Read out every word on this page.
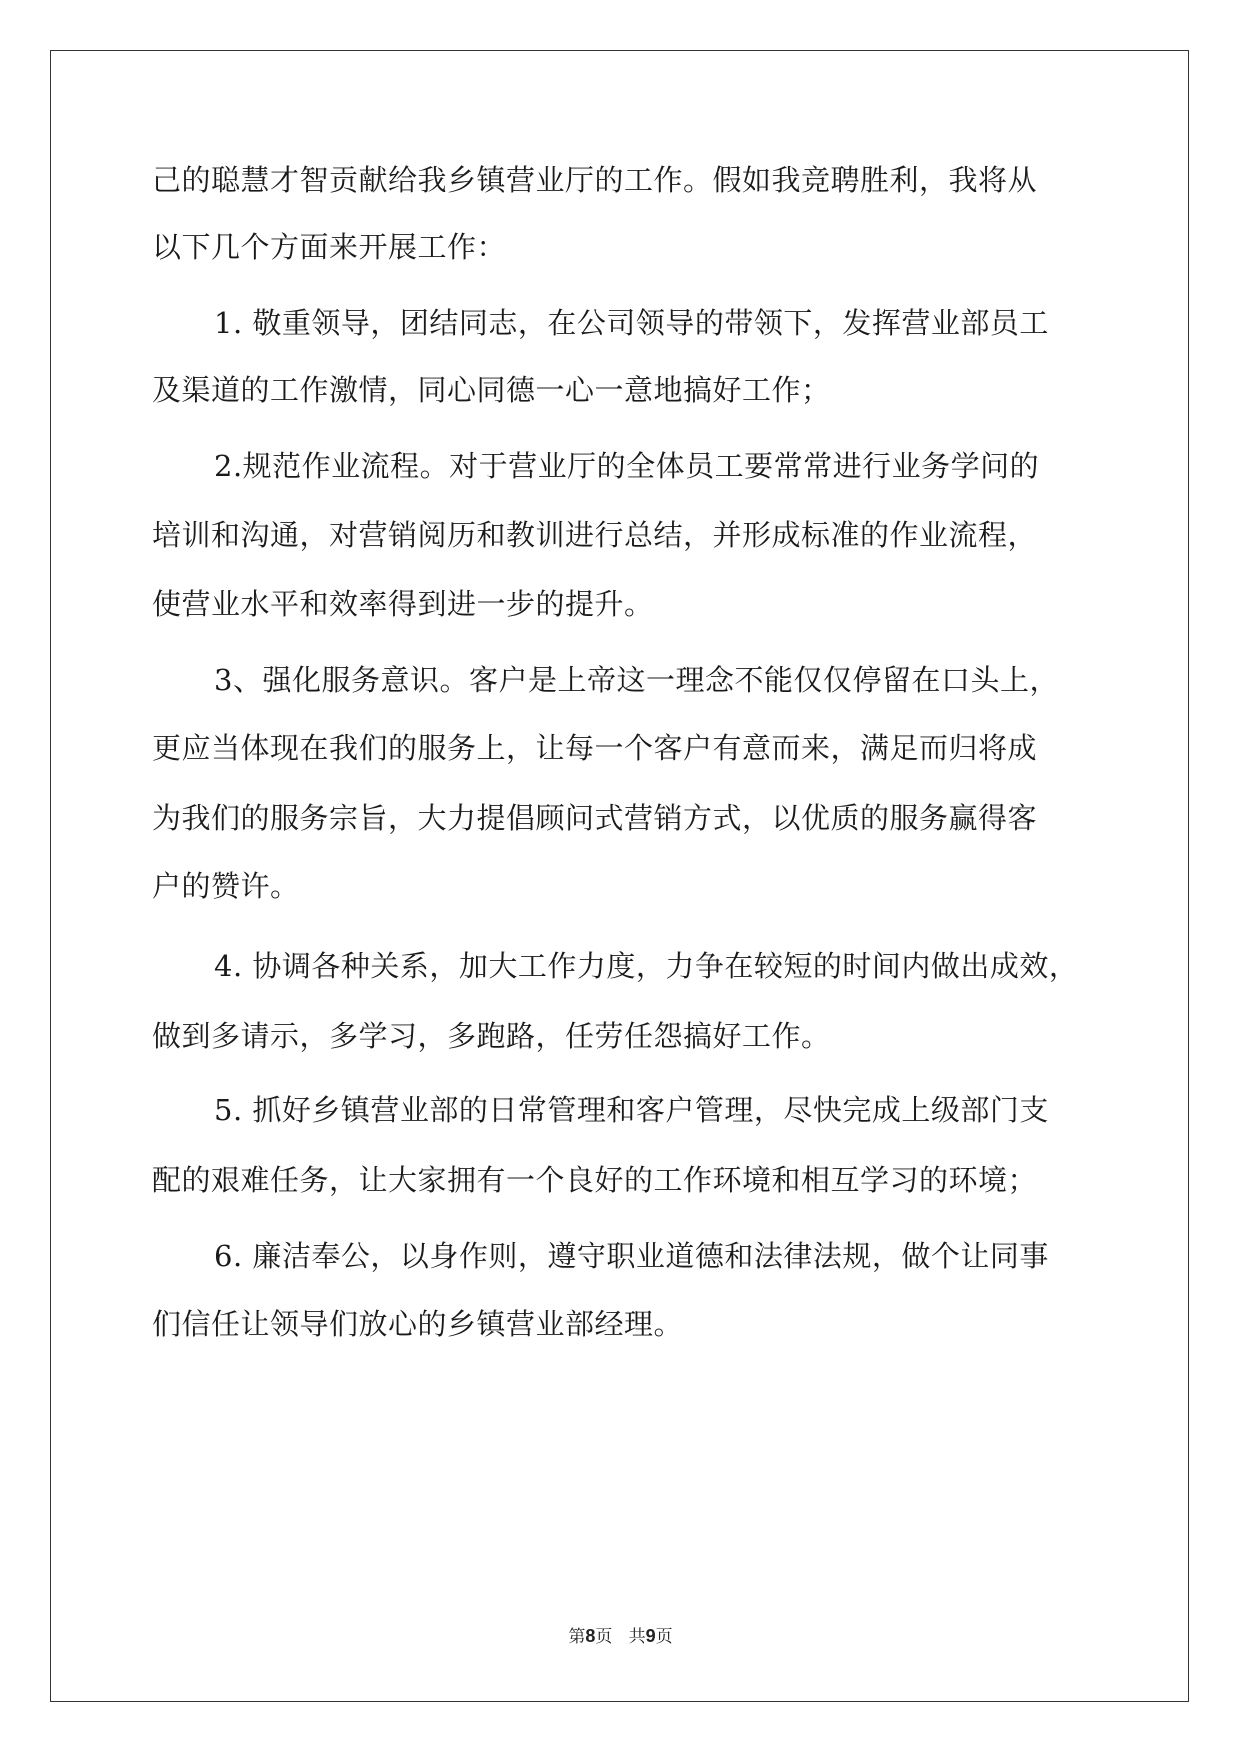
己的聪慧才智贡献给我乡镇营业厅的工作。假如我竞聘胜利，我将从
以下几个方面来开展工作：
1. 敬重领导，团结同志，在公司领导的带领下，发挥营业部员工
及渠道的工作激情，同心同德一心一意地搞好工作；
2.规范作业流程。对于营业厅的全体员工要常常进行业务学问的
培训和沟通，对营销阅历和教训进行总结，并形成标准的作业流程，
使营业水平和效率得到进一步的提升。
3、强化服务意识。客户是上帝这一理念不能仅仅停留在口头上，
更应当体现在我们的服务上，让每一个客户有意而来，满足而归将成
为我们的服务宗旨，大力提倡顾问式营销方式，以优质的服务赢得客
户的赞许。
4. 协调各种关系，加大工作力度，力争在较短的时间内做出成效，
做到多请示，多学习，多跑路，任劳任怨搞好工作。
5. 抓好乡镇营业部的日常管理和客户管理，尽快完成上级部门支
配的艰难任务，让大家拥有一个良好的工作环境和相互学习的环境；
6. 廉洁奉公，以身作则，遵守职业道德和法律法规，做个让同事
们信任让领导们放心的乡镇营业部经理。
第8页 共9页
